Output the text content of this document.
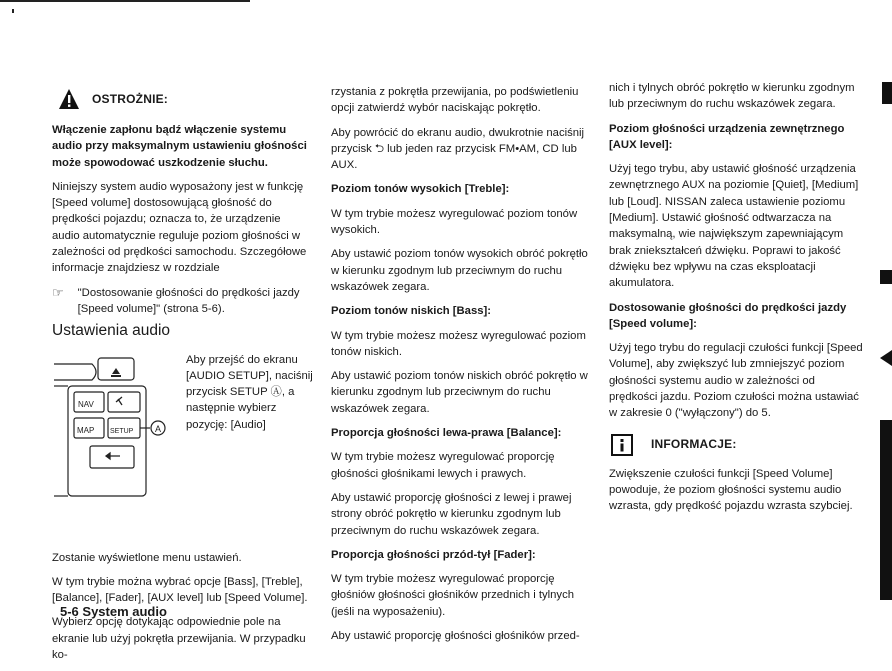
OSTROŻNIE:

Włączenie zapłonu bądź włączenie systemu audio przy maksymalnym ustawieniu głośności może spowodować uszkodzenie słuchu.

Niniejszy system audio wyposażony jest w funkcję [Speed volume] dostosowującą głośność do prędkości pojazdu; oznacza to, że urządzenie audio automatycznie reguluje poziom głośności w zależności od prędkości samochodu. Szczegółowe informacje znajdziesz w rozdziale

☞ "Dostosowanie głośności do prędkości jazdy [Speed volume]" (strona 5-6).
Ustawienia audio
NAV
MAP SETUP A
Aby przejść do ekranu [AUDIO SETUP], naciśnij przycisk SETUP Ⓐ, a następnie wybierz pozycję: [Audio]

Zostanie wyświetlone menu ustawień.

W tym trybie można wybrać opcje [Bass], [Treble], [Balance], [Fader], [AUX level] lub [Speed Volume].

Wybierz opcję dotykając odpowiednie pole na ekranie lub użyj pokrętła przewijania. W przypadku ko-

rzystania z pokrętła przewijania, po podświetleniu opcji zatwierdź wybór naciskając pokrętło.

Aby powrócić do ekranu audio, dwukrotnie naciśnij przycisk ⮌ lub jeden raz przycisk FM•AM, CD lub AUX.

Poziom tonów wysokich [Treble]:

W tym trybie możesz wyregulować poziom tonów wysokich.

Aby ustawić poziom tonów wysokich obróć pokrętło w kierunku zgodnym lub przeciwnym do ruchu wskazówek zegara.

Poziom tonów niskich [Bass]:

W tym trybie możesz możesz wyregulować poziom tonów niskich.

Aby ustawić poziom tonów niskich obróć pokrętło w kierunku zgodnym lub przeciwnym do ruchu wskazówek zegara.

Proporcja głośności lewa-prawa [Balance]:

W tym trybie możesz wyregulować proporcję głośności głośnikami lewych i prawych.

Aby ustawić proporcję głośności z lewej i prawej strony obróć pokrętło w kierunku zgodnym lub przeciwnym do ruchu wskazówek zegara.

Proporcja głośności przód-tył [Fader]:

W tym trybie możesz wyregulować proporcję głośniów głośności głośników przednich i tylnych (jeśli na wyposażeniu).

Aby ustawić proporcję głośności głośników przed-

nich i tylnych obróć pokrętło w kierunku zgodnym lub przeciwnym do ruchu wskazówek zegara.

Poziom głośności urządzenia zewnętrznego [AUX level]:

Użyj tego trybu, aby ustawić głośność urządzenia zewnętrznego AUX na poziomie [Quiet], [Medium] lub [Loud]. NISSAN zaleca ustawienie poziomu [Medium]. Ustawić głośność odtwarzacza na maksymalną, wie największym zapewniającym brak zniekształceń dźwięku. Poprawi to jakość dźwięku bez wpływu na czas eksploatacji akumulatora.

Dostosowanie głośności do prędkości jazdy [Speed volume]:

Użyj tego trybu do regulacji czułości funkcji [Speed Volume], aby zwiększyć lub zmniejszyć poziom głośności systemu audio w zależności od prędkości jazdu. Poziom czułości można ustawiać w zakresie 0 ("wyłączony") do 5.

INFORMACJE:

Zwiększenie czułości funkcji [Speed Volume] powoduje, że poziom głośności systemu audio wzrasta, gdy prędkość pojazdu wzrasta szybciej.

5-6 System audio
